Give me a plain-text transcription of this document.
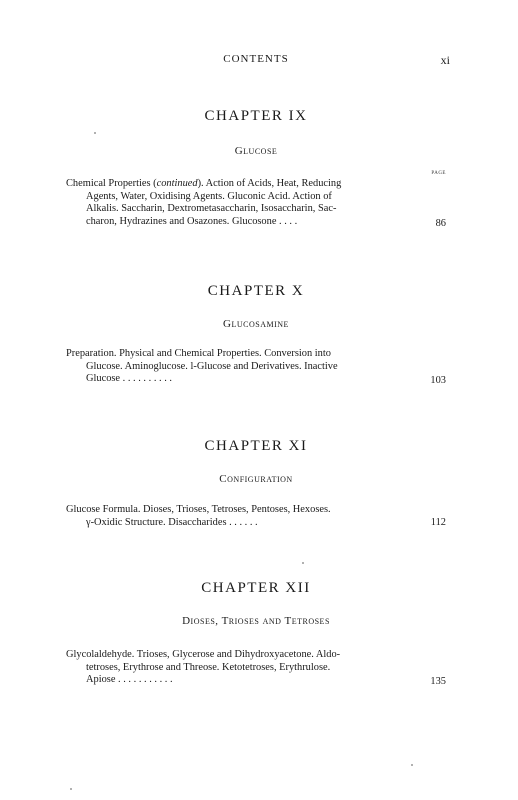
CONTENTS	xi
CHAPTER IX
Glucose
PAGE
Chemical Properties (continued). Action of Acids, Heat, Reducing
Agents, Water, Oxidising Agents. Gluconic Acid. Action of
Alkalis. Saccharin, Dextrometasaccharin, Isosaccharin, Sac-
charon, Hydrazines and Osazones. Glucosone . . . .	86
CHAPTER X
Glucosamine
Preparation. Physical and Chemical Properties. Conversion into
Glucose. Aminoglucose. l-Glucose and Derivatives. Inactive
Glucose . . . . . . . . . .	103
CHAPTER XI
Configuration
Glucose Formula. Dioses, Trioses, Tetroses, Pentoses, Hexoses.
γ-Oxidic Structure. Disaccharides . . . . . .	112
CHAPTER XII
Dioses, Trioses and Tetroses
Glycolaldehyde. Trioses, Glycerose and Dihydroxyacetone. Aldo-
tetroses, Erythrose and Threose. Ketotetroses, Erythrulose.
Apiose . . . . . . . . . . .	135
